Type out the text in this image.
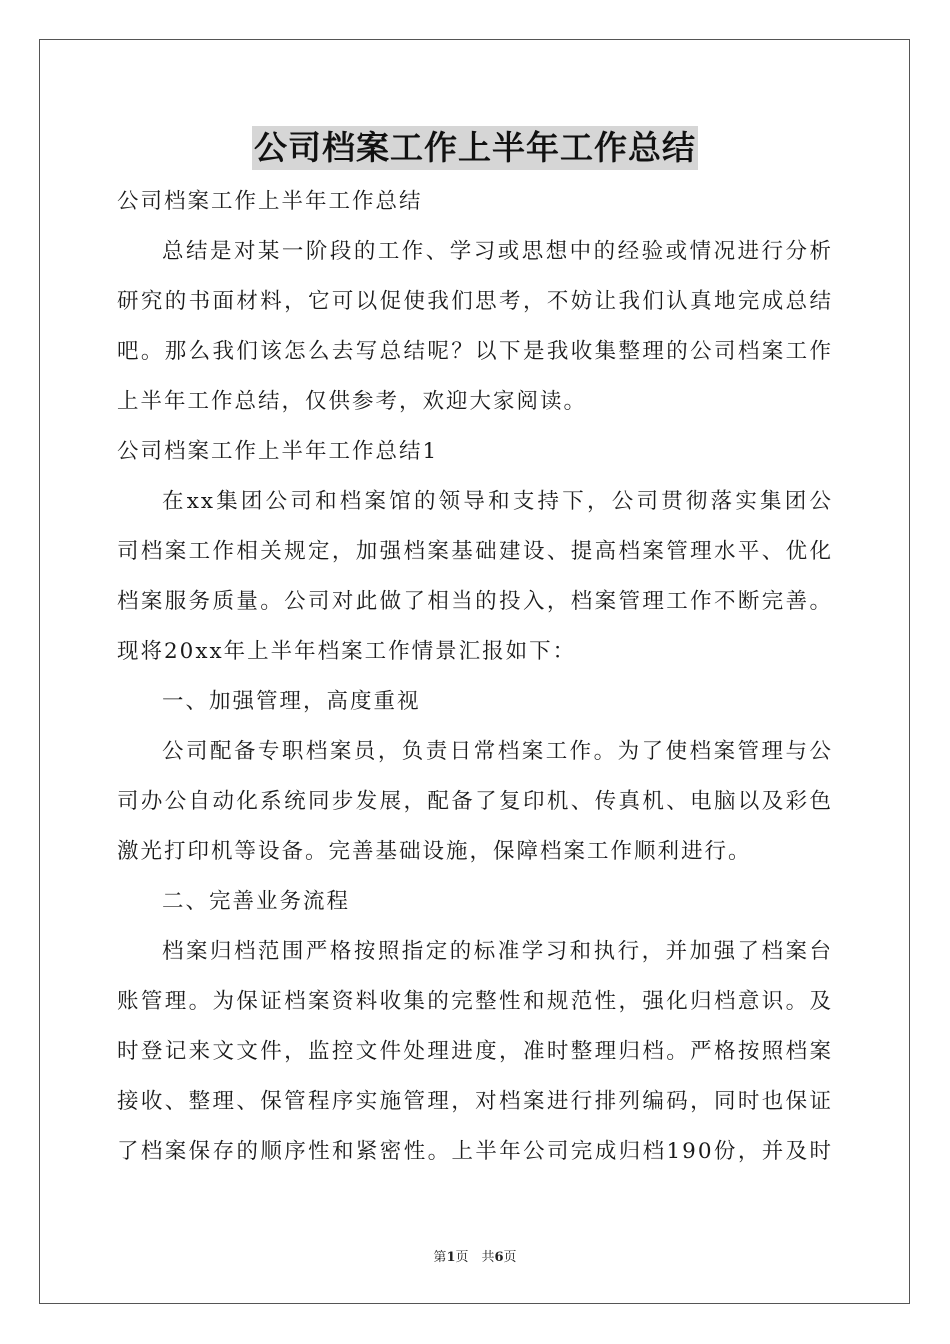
公司档案工作上半年工作总结
公司档案工作上半年工作总结
总结是对某一阶段的工作、学习或思想中的经验或情况进行分析
研究的书面材料，它可以促使我们思考，不妨让我们认真地完成总结
吧。那么我们该怎么去写总结呢？以下是我收集整理的公司档案工作
上半年工作总结，仅供参考，欢迎大家阅读。
公司档案工作上半年工作总结1
在xx集团公司和档案馆的领导和支持下，公司贯彻落实集团公
司档案工作相关规定，加强档案基础建设、提高档案管理水平、优化
档案服务质量。公司对此做了相当的投入，档案管理工作不断完善。
现将20xx年上半年档案工作情景汇报如下：
一、加强管理，高度重视
公司配备专职档案员，负责日常档案工作。为了使档案管理与公
司办公自动化系统同步发展，配备了复印机、传真机、电脑以及彩色
激光打印机等设备。完善基础设施，保障档案工作顺利进行。
二、完善业务流程
档案归档范围严格按照指定的标准学习和执行，并加强了档案台
账管理。为保证档案资料收集的完整性和规范性，强化归档意识。及
时登记来文文件，监控文件处理进度，准时整理归档。严格按照档案
接收、整理、保管程序实施管理，对档案进行排列编码，同时也保证
了档案保存的顺序性和紧密性。上半年公司完成归档190份，并及时
第1页　共6页
